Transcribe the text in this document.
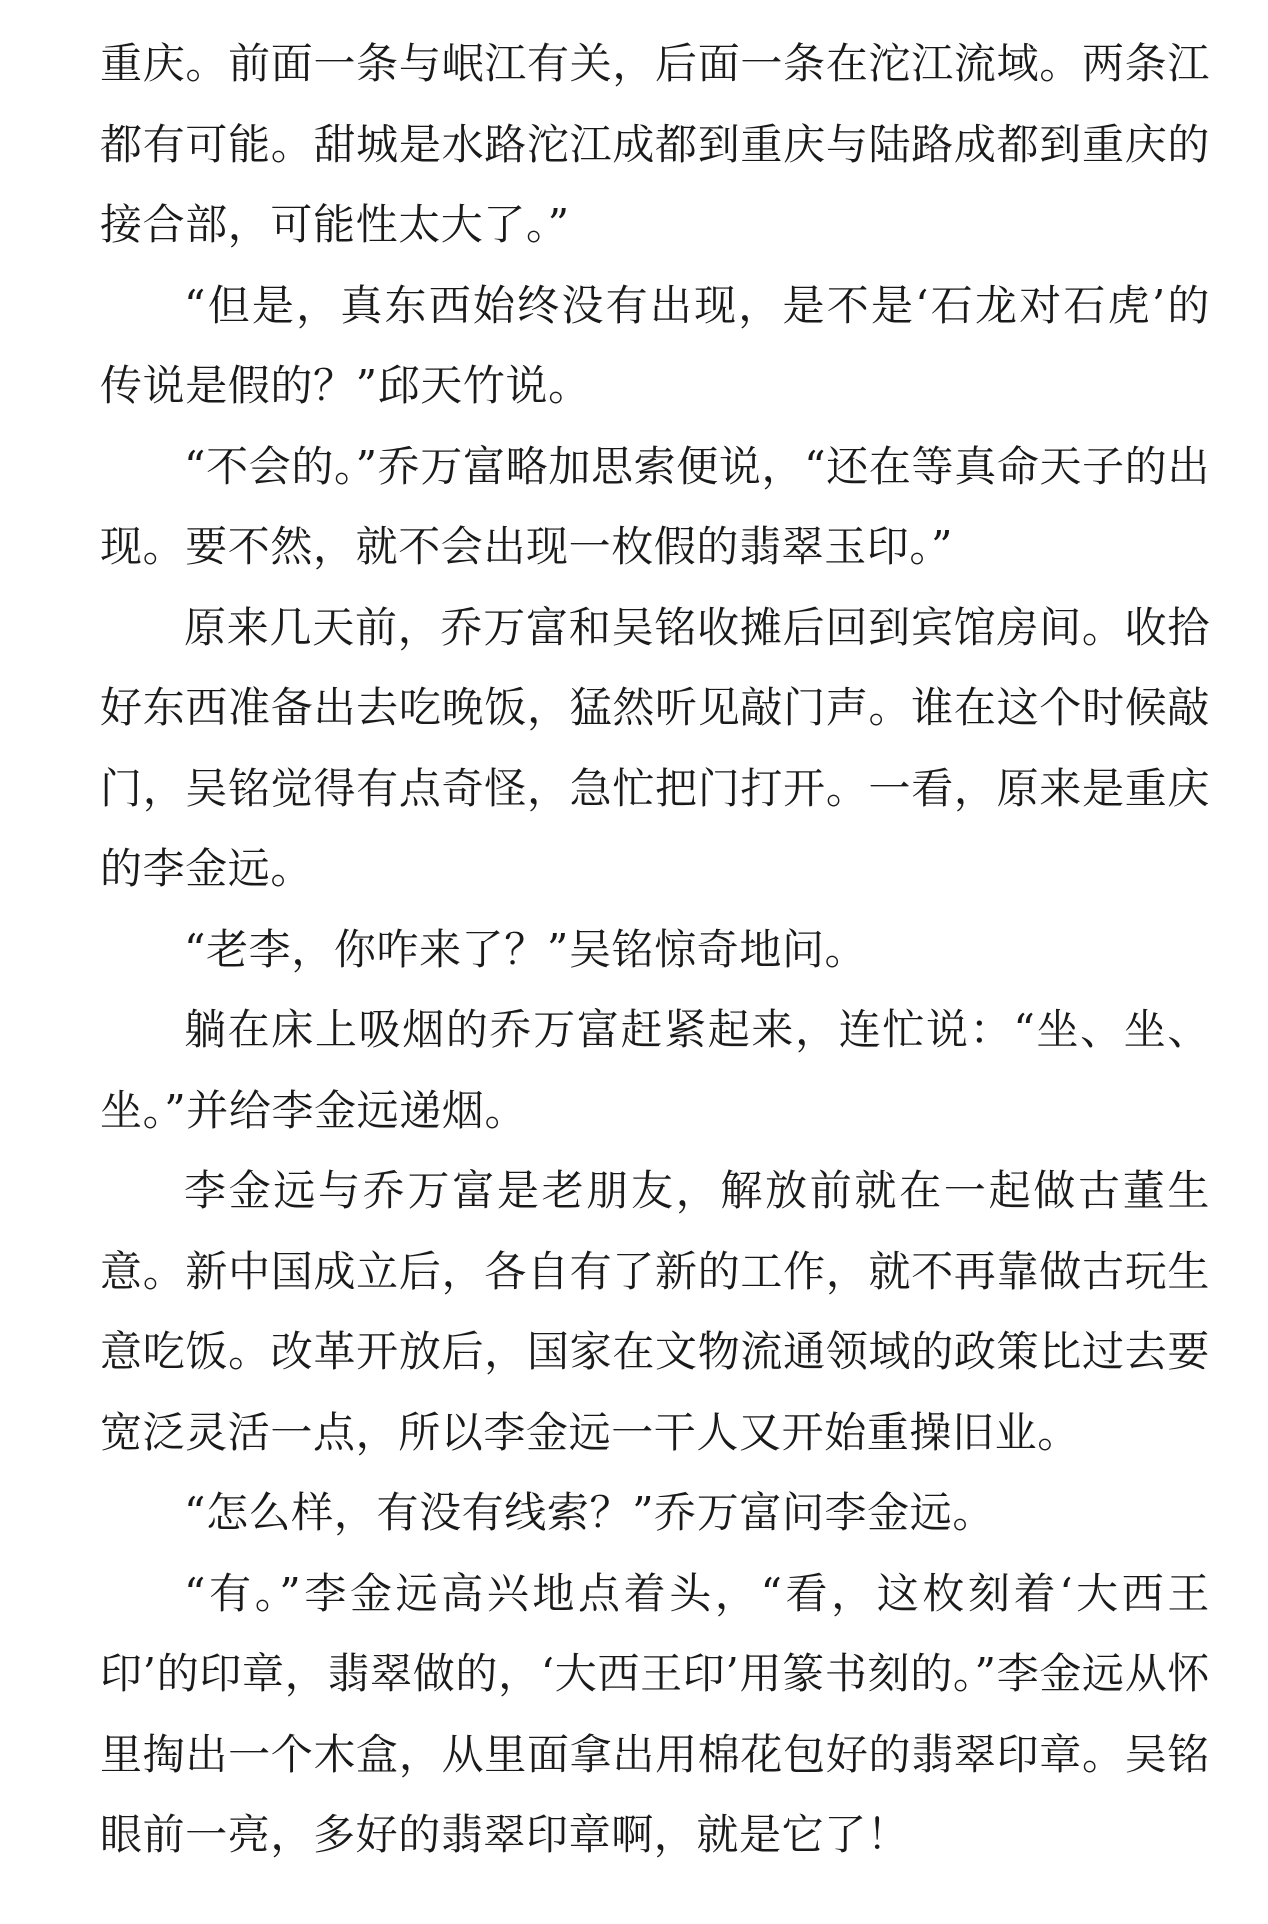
重庆。前面一条与岷江有关，后面一条在沱江流域。两条江都有可能。甜城是水路沱江成都到重庆与陆路成都到重庆的接合部，可能性太大了。”

“但是，真东西始终没有出现，是不是‘石龙对石虎’的传说是假的？”邱天竹说。

“不会的。”乔万富略加思索便说，“还在等真命天子的出现。要不然，就不会出现一枚假的翡翠玉印。”

原来几天前，乔万富和吴铭收摊后回到宾馆房间。收拾好东西准备出去吃晚饭，猛然听见敲门声。谁在这个时候敲门，吴铭觉得有点奇怪，急忙把门打开。一看，原来是重庆的李金远。

“老李，你咋来了？”吴铭惊奇地问。

躺在床上吸烟的乔万富赶紧起来，连忙说：“坐、坐、坐。”并给李金远递烟。

李金远与乔万富是老朋友，解放前就在一起做古董生意。新中国成立后，各自有了新的工作，就不再靠做古玩生意吃饭。改革开放后，国家在文物流通领域的政策比过去要宽泛灵活一点，所以李金远一干人又开始重操旧业。

“怎么样，有没有线索？”乔万富问李金远。

“有。”李金远高兴地点着头，“看，这枚刻着‘大西王印’的印章，翡翠做的，‘大西王印’用篆书刻的。”李金远从怀里掏出一个木盒，从里面拿出用棉花包好的翡翠印章。吴铭眼前一亮，多好的翡翠印章啊，就是它了！
